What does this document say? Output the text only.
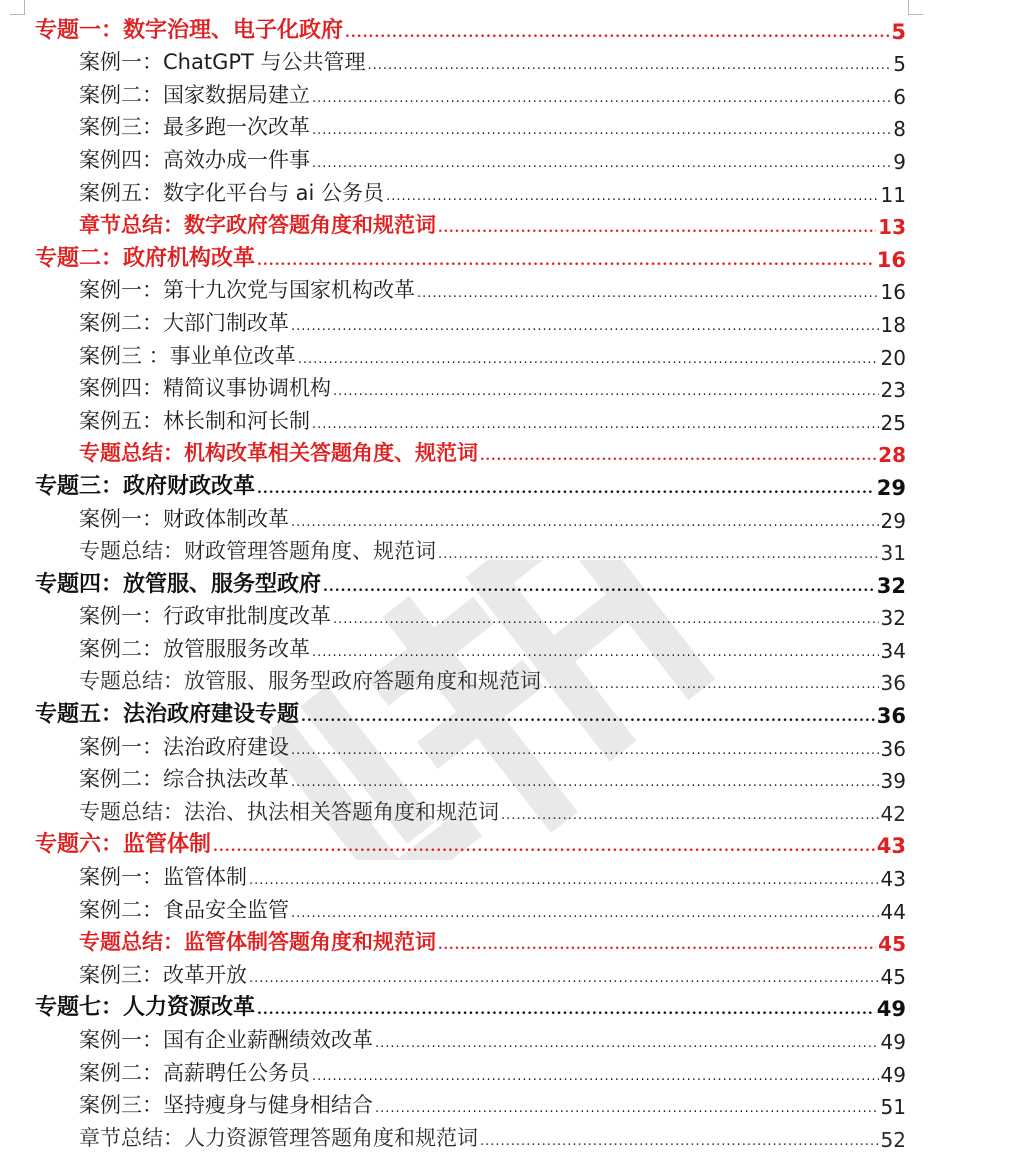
专题一：数字治理、电子化政府 .....	5
案例一：ChatGPT 与公共管理 .....	5
案例二：国家数据局建立 .....	6
案例三：最多跑一次改革 .....	8
案例四：高效办成一件事 .....	9
案例五：数字化平台与 ai 公务员 .....	11
章节总结：数字政府答题角度和规范词 .....	13
专题二：政府机构改革 .....	16
案例一：第十九次党与国家机构改革 .....	16
案例二：大部门制改革 .....	18
案例三 ：事业单位改革 .....	20
案例四：精简议事协调机构 .....	23
案例五：林长制和河长制 .....	25
专题总结：机构改革相关答题角度、规范词 .....	28
专题三：政府财政改革 .....	29
案例一：财政体制改革 .....	29
专题总结：财政管理答题角度、规范词 .....	31
专题四：放管服、服务型政府 .....	32
案例一：行政审批制度改革 .....	32
案例二：放管服服务改革 .....	34
专题总结：放管服、服务型政府答题角度和规范词 .....	36
专题五：法治政府建设专题 .....	36
案例一：法治政府建设 .....	36
案例二：综合执法改革 .....	39
专题总结：法治、执法相关答题角度和规范词 .....	42
专题六：监管体制 .....	43
案例一：监管体制 .....	43
案例二：食品安全监管 .....	44
专题总结：监管体制答题角度和规范词 .....	45
案例三：改革开放 .....	45
专题七：人力资源改革 .....	49
案例一：国有企业薪酬绩效改革 .....	49
案例二：高薪聘任公务员 .....	49
案例三：坚持瘦身与健身相结合 .....	51
章节总结：人力资源管理答题角度和规范词 .....	52
